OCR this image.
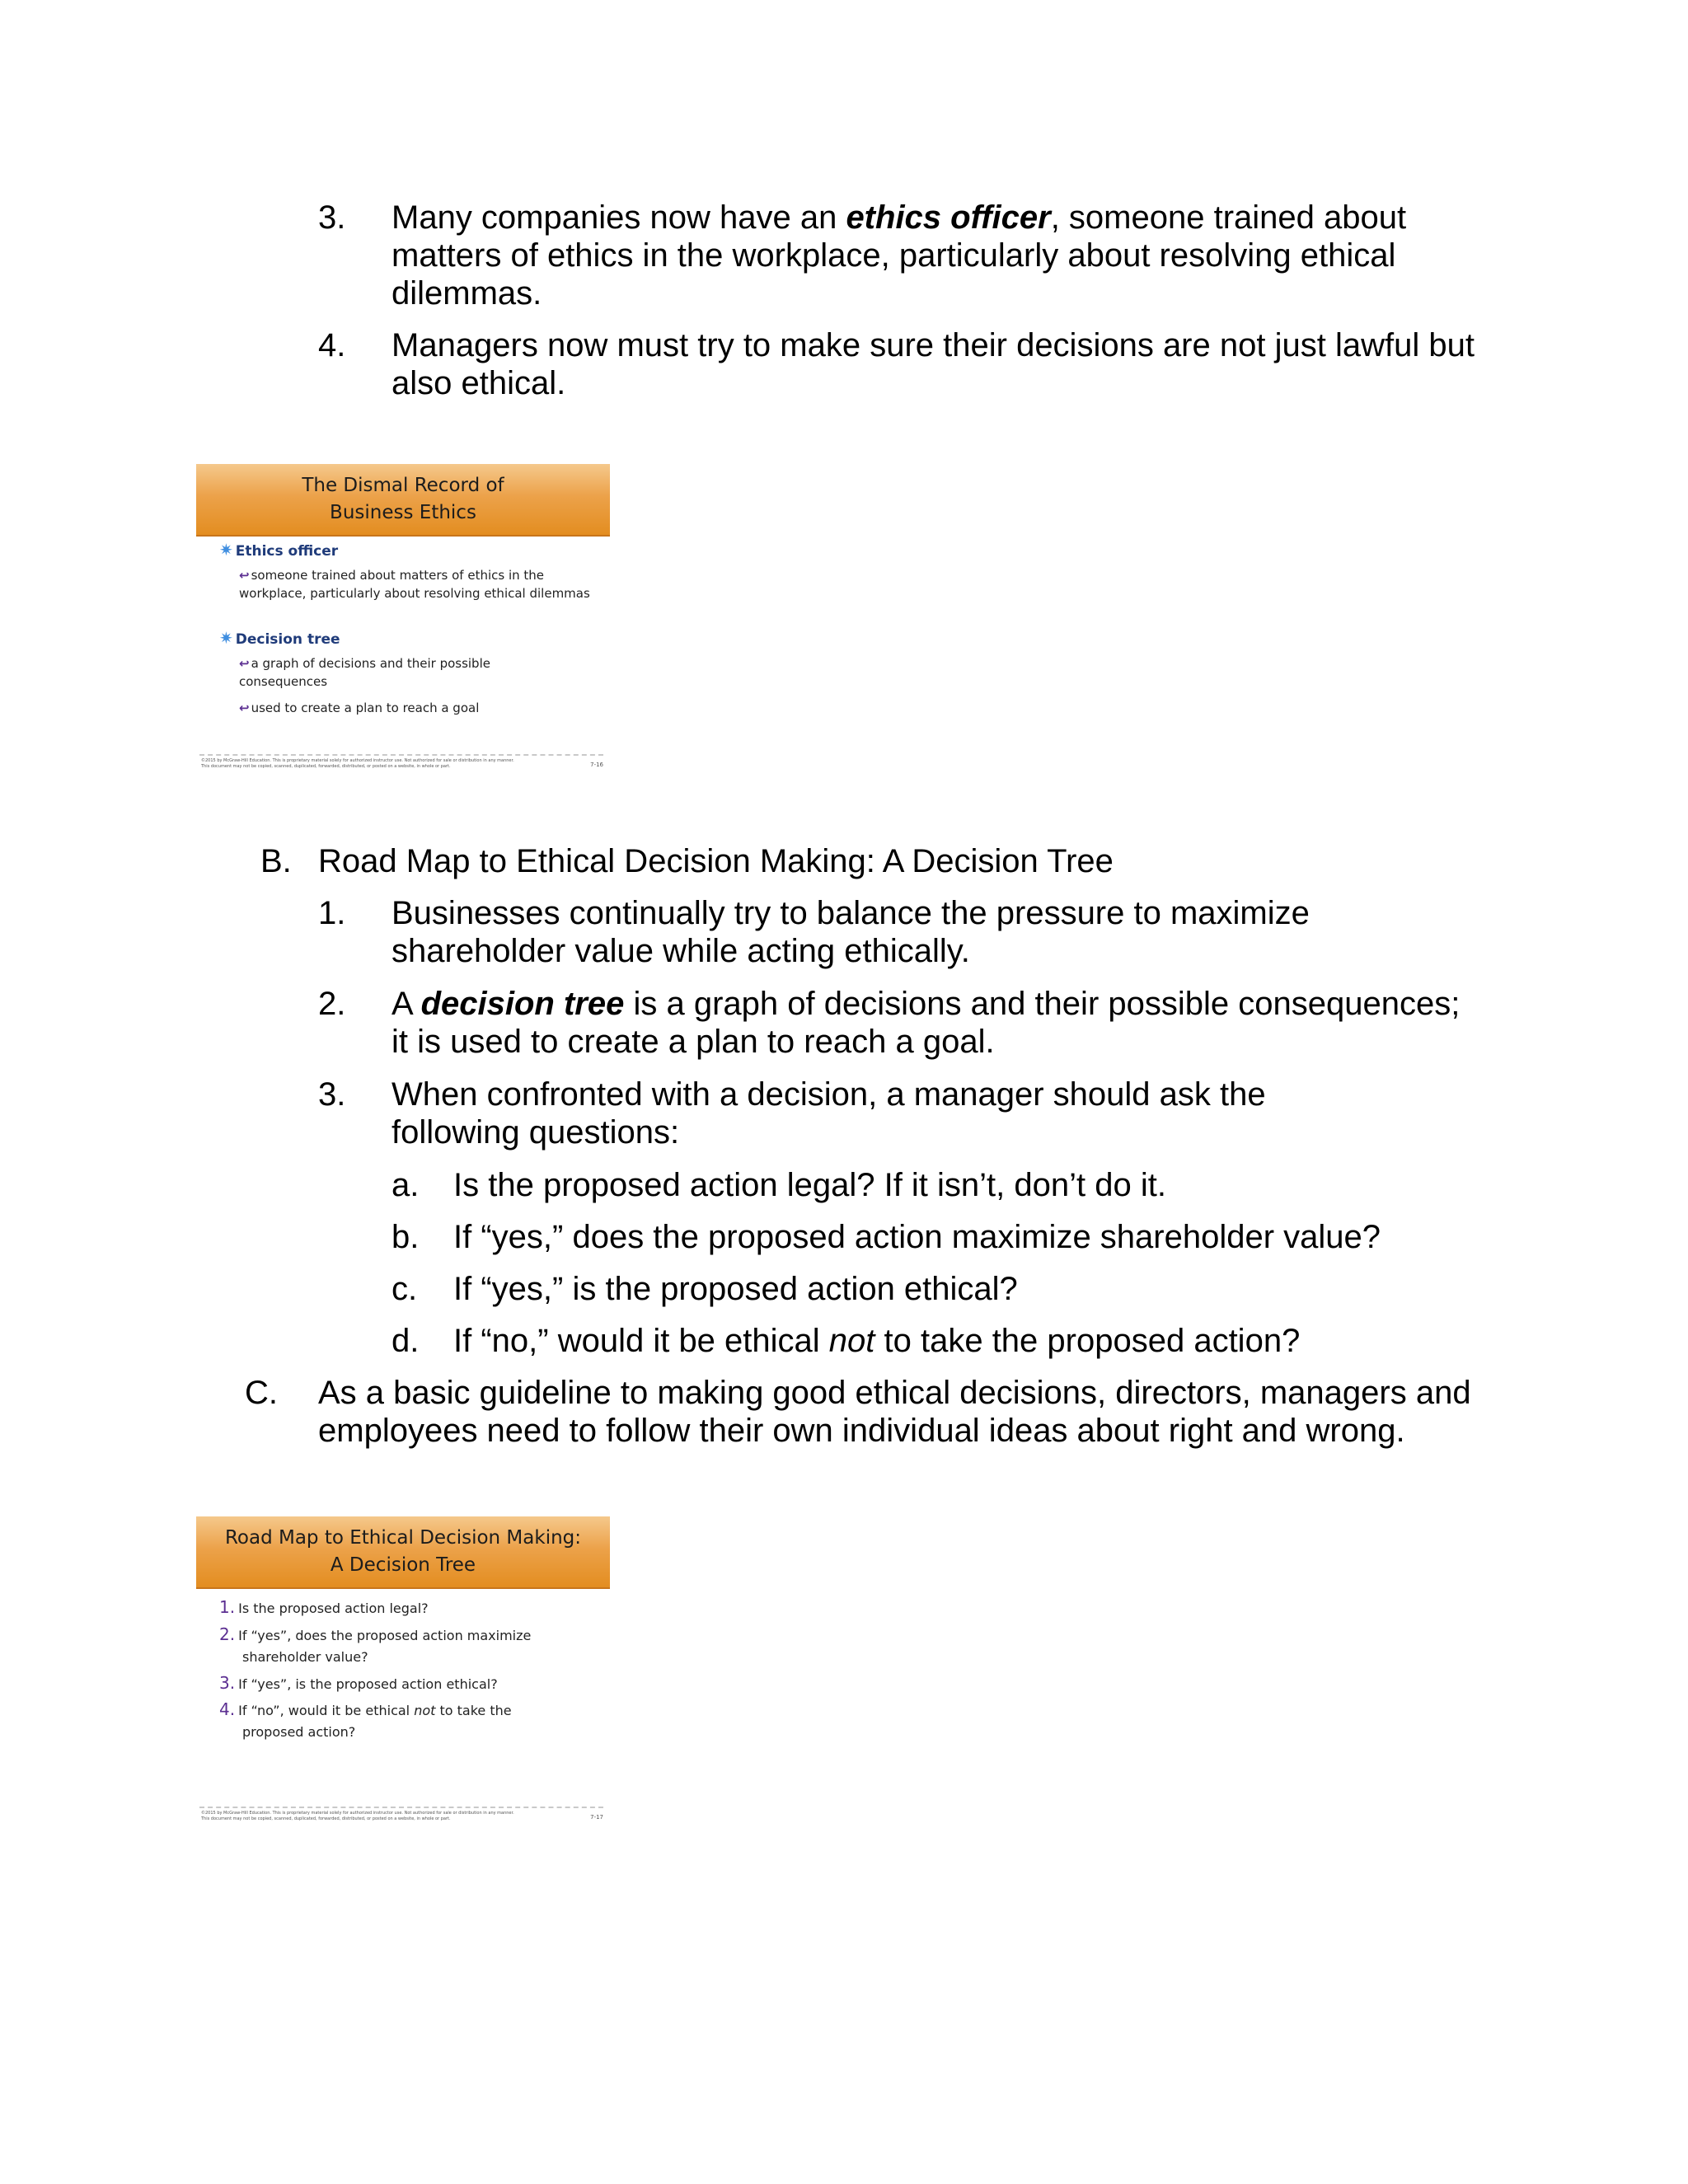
3. Many companies now have an ethics officer, someone trained about matters of ethics in the workplace, particularly about resolving ethical dilemmas.
4. Managers now must try to make sure their decisions are not just lawful but also ethical.
The Dismal Record of
Business Ethics
✷ Ethics officer
↩ someone trained about matters of ethics in the workplace, particularly about resolving ethical dilemmas
✷ Decision tree
↩ a graph of decisions and their possible consequences
↩ used to create a plan to reach a goal
©2015 by McGraw-Hill Education. This is proprietary material solely for authorized instructor use. Not authorized for sale or distribution in any manner. This document may not be copied, scanned, duplicated, forwarded, distributed, or posted on a website, in whole or part.	7-16
B. Road Map to Ethical Decision Making: A Decision Tree
1. Businesses continually try to balance the pressure to maximize shareholder value while acting ethically.
2. A decision tree is a graph of decisions and their possible consequences; it is used to create a plan to reach a goal.
3. When confronted with a decision, a manager should ask the following questions:
a. Is the proposed action legal? If it isn’t, don’t do it.
b. If “yes,” does the proposed action maximize shareholder value?
c. If “yes,” is the proposed action ethical?
d. If “no,” would it be ethical not to take the proposed action?
C. As a basic guideline to making good ethical decisions, directors, managers and employees need to follow their own individual ideas about right and wrong.
Road Map to Ethical Decision Making:
A Decision Tree
1. Is the proposed action legal?
2. If “yes”, does the proposed action maximize
shareholder value?
3. If “yes”, is the proposed action ethical?
4. If “no”, would it be ethical not to take the
proposed action?
©2015 by McGraw-Hill Education. This is proprietary material solely for authorized instructor use. Not authorized for sale or distribution in any manner. This document may not be copied, scanned, duplicated, forwarded, distributed, or posted on a website, in whole or part.	7-17
